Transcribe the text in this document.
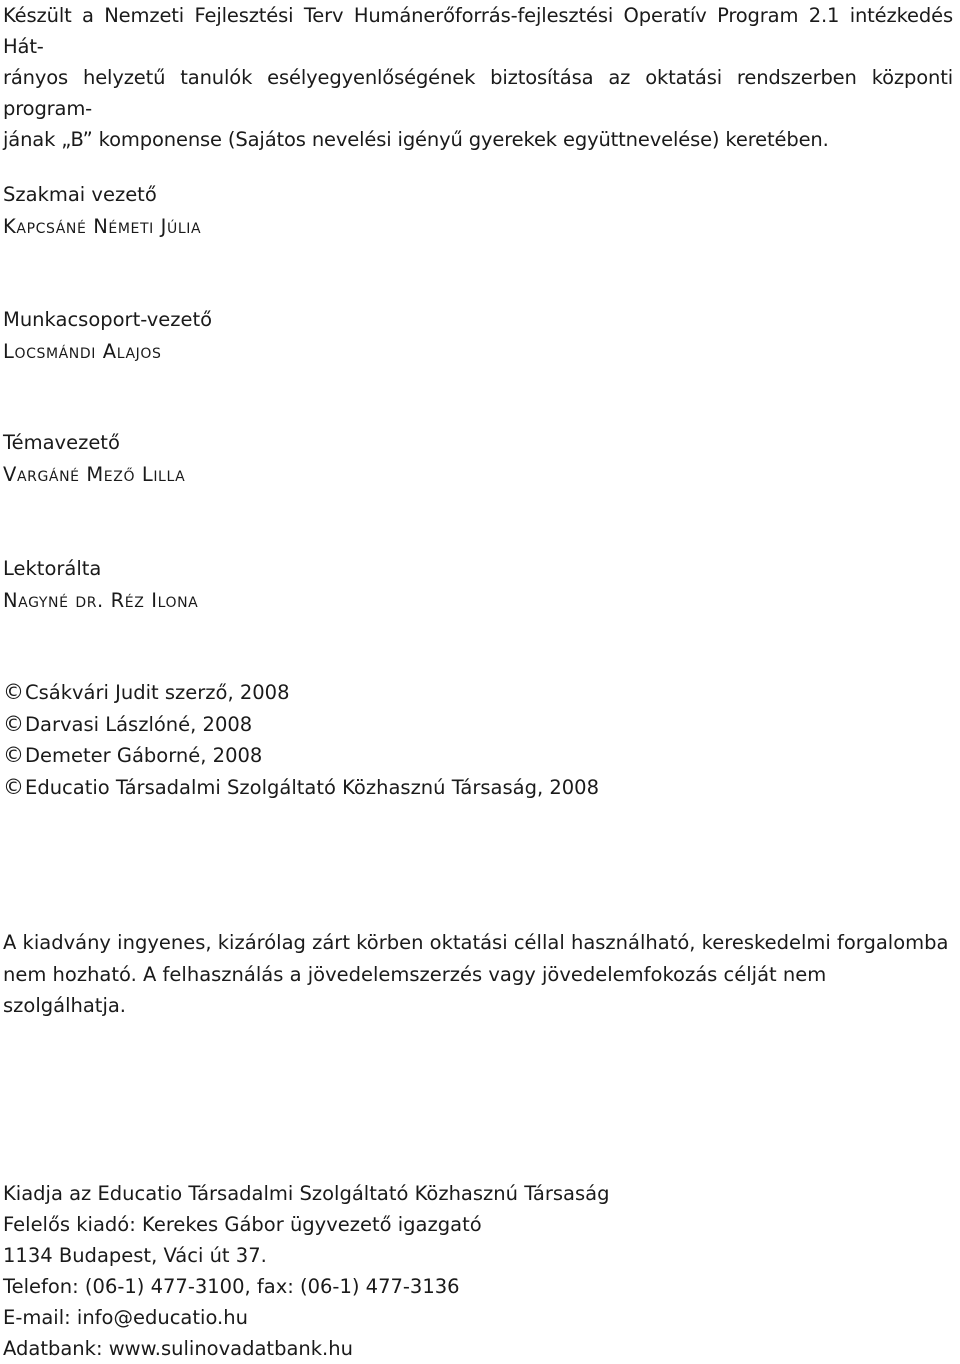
Készült a Nemzeti Fejlesztési Terv Humánerőforrás-fejlesztési Operatív Program 2.1 intézkedés Hát-
rányos helyzetű tanulók esélyegyenlőségének biztosítása az oktatási rendszerben központi program-
jának „B” komponense (Sajátos nevelési igényű gyerekek együttnevelése) keretében.
Szakmai vezető
Kapcsáné Németi Júlia
Munkacsoport-vezető
Locsmándi Alajos
Témavezető
Vargáné Mező Lilla
Lektorálta
Nagyné dr. Réz Ilona
©Csákvári Judit szerző, 2008
©Darvasi Lászlóné, 2008
©Demeter Gáborné, 2008
©Educatio Társadalmi Szolgáltató Közhasznú Társaság, 2008

A kiadvány ingyenes, kizárólag zárt körben oktatási céllal használható, kereskedelmi forgalomba nem hozható. A felhasználás a jövedelemszerzés vagy jövedelemfokozás célját nem szolgálhatja.

Kiadja az Educatio Társadalmi Szolgáltató Közhasznú Társaság
Felelős kiadó: Kerekes Gábor ügyvezető igazgató
1134 Budapest, Váci út 37.
Telefon: (06-1) 477-3100, fax: (06-1) 477-3136
E-mail: info@educatio.hu
Adatbank: www.sulinovadatbank.hu
